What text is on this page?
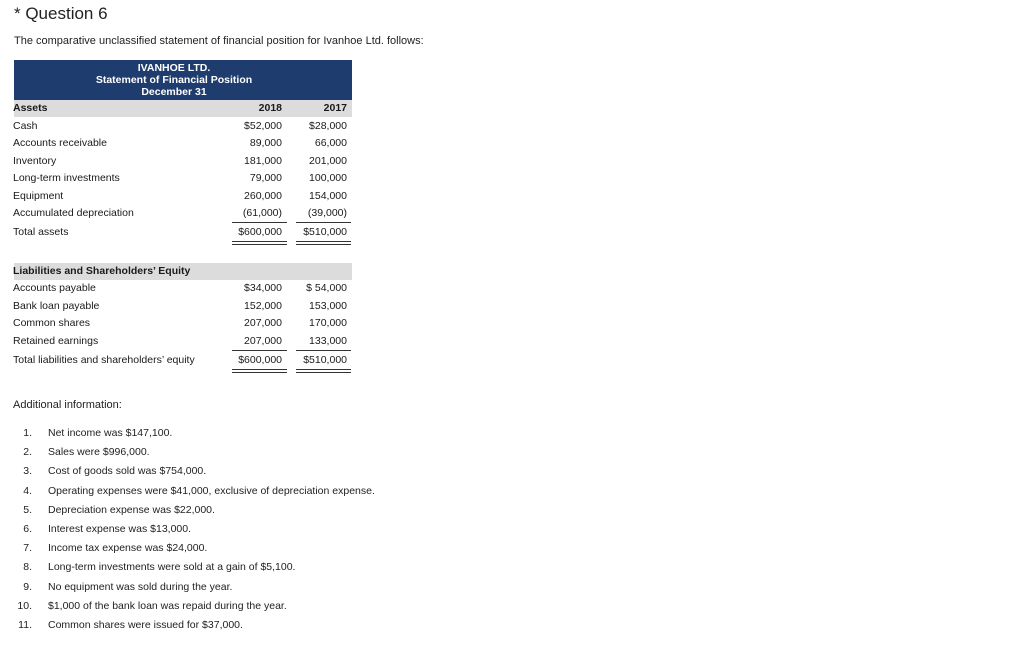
* Question 6
The comparative unclassified statement of financial position for Ivanhoe Ltd. follows:
IVANHOE LTD.
Statement of Financial Position
December 31
Assets	2018	2017
Cash	$52,000	$28,000
Accounts receivable	89,000	66,000
Inventory	181,000	201,000
Long-term investments	79,000	100,000
Equipment	260,000	154,000
Accumulated depreciation	(61,000)	(39,000)
Total assets	$600,000	$510,000
Liabilities and Shareholders’ Equity
Accounts payable	$34,000	$ 54,000
Bank loan payable	152,000	153,000
Common shares	207,000	170,000
Retained earnings	207,000	133,000
Total liabilities and shareholders’ equity	$600,000	$510,000
Additional information:
1. Net income was $147,100.
2. Sales were $996,000.
3. Cost of goods sold was $754,000.
4. Operating expenses were $41,000, exclusive of depreciation expense.
5. Depreciation expense was $22,000.
6. Interest expense was $13,000.
7. Income tax expense was $24,000.
8. Long-term investments were sold at a gain of $5,100.
9. No equipment was sold during the year.
10. $1,000 of the bank loan was repaid during the year.
11. Common shares were issued for $37,000.
